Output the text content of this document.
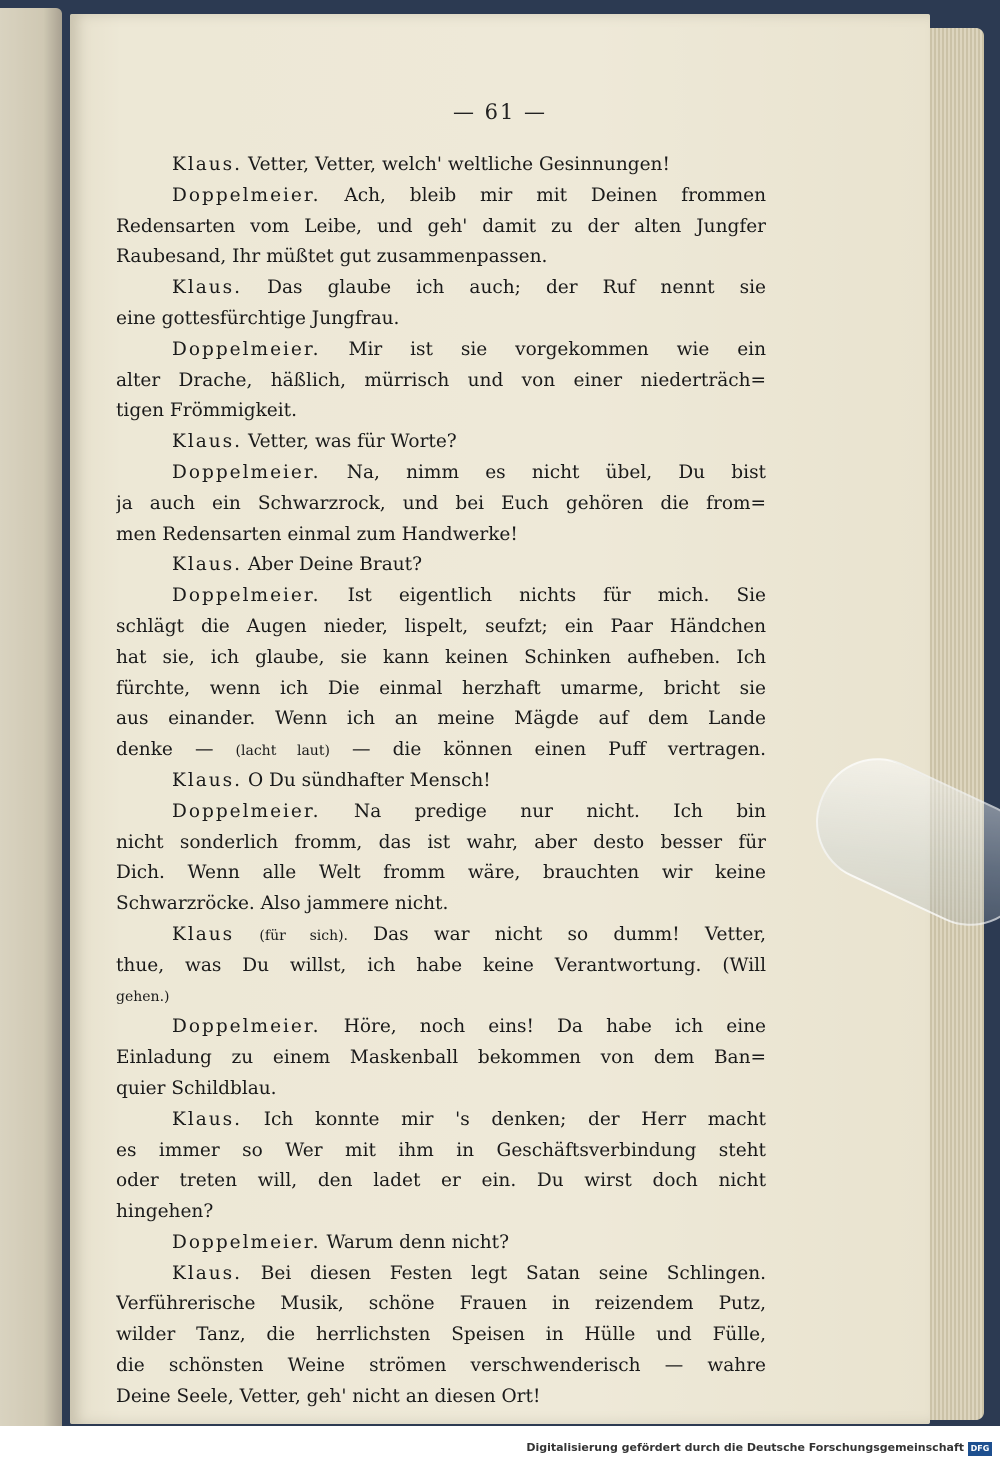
— 61 —
Klaus. Vetter, Vetter, welch' weltliche Gesinnungen!
Doppelmeier. Ach, bleib mir mit Deinen frommen
Redensarten vom Leibe, und geh' damit zu der alten Jungfer
Raubesand, Ihr müßtet gut zusammenpassen.
Klaus. Das glaube ich auch; der Ruf nennt sie
eine gottesfürchtige Jungfrau.
Doppelmeier. Mir ist sie vorgekommen wie ein
alter Drache, häßlich, mürrisch und von einer niederträch=
tigen Frömmigkeit.
Klaus. Vetter, was für Worte?
Doppelmeier. Na, nimm es nicht übel, Du bist
ja auch ein Schwarzrock, und bei Euch gehören die from=
men Redensarten einmal zum Handwerke!
Klaus. Aber Deine Braut?
Doppelmeier. Ist eigentlich nichts für mich. Sie
schlägt die Augen nieder, lispelt, seufzt; ein Paar Händchen
hat sie, ich glaube, sie kann keinen Schinken aufheben. Ich
fürchte, wenn ich Die einmal herzhaft umarme, bricht sie
aus einander. Wenn ich an meine Mägde auf dem Lande
denke — (lacht laut) — die können einen Puff vertragen.
Klaus. O Du sündhafter Mensch!
Doppelmeier. Na predige nur nicht. Ich bin
nicht sonderlich fromm, das ist wahr, aber desto besser für
Dich. Wenn alle Welt fromm wäre, brauchten wir keine
Schwarzröcke. Also jammere nicht.
Klaus (für sich). Das war nicht so dumm! Vetter,
thue, was Du willst, ich habe keine Verantwortung. (Will
gehen.)
Doppelmeier. Höre, noch eins! Da habe ich eine
Einladung zu einem Maskenball bekommen von dem Ban=
quier Schildblau.
Klaus. Ich konnte mir 's denken; der Herr macht
es immer so Wer mit ihm in Geschäftsverbindung steht
oder treten will, den ladet er ein. Du wirst doch nicht
hingehen?
Doppelmeier. Warum denn nicht?
Klaus. Bei diesen Festen legt Satan seine Schlingen.
Verführerische Musik, schöne Frauen in reizendem Putz,
wilder Tanz, die herrlichsten Speisen in Hülle und Fülle,
die schönsten Weine strömen verschwenderisch — wahre
Deine Seele, Vetter, geh' nicht an diesen Ort!
Digitalisierung gefördert durch die Deutsche Forschungsgemeinschaft DFG
